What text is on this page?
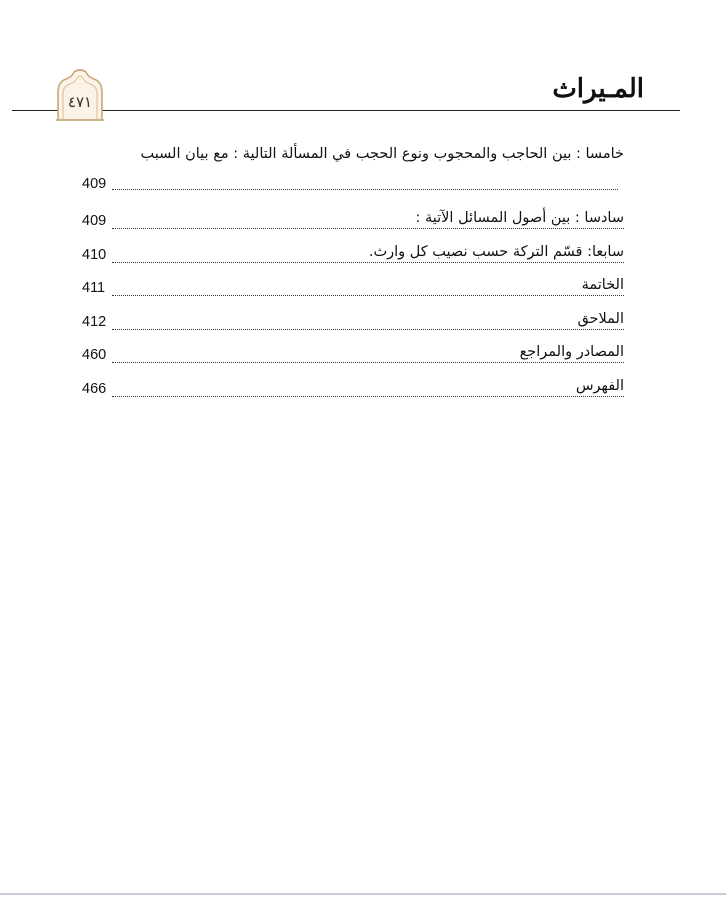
المـيراث
٤٧١
خامسا : بين الحاجب والمحجوب ونوع الحجب في المسألة التالية : مع بيان السبب
409
سادسا : بين أصول المسائل الآتية :
409
سابعا: قسّم التركة حسب نصيب كل وارث.
410
الخاتمة
411
الملاحق
412
المصادر والمراجع
460
الفهرس
466
